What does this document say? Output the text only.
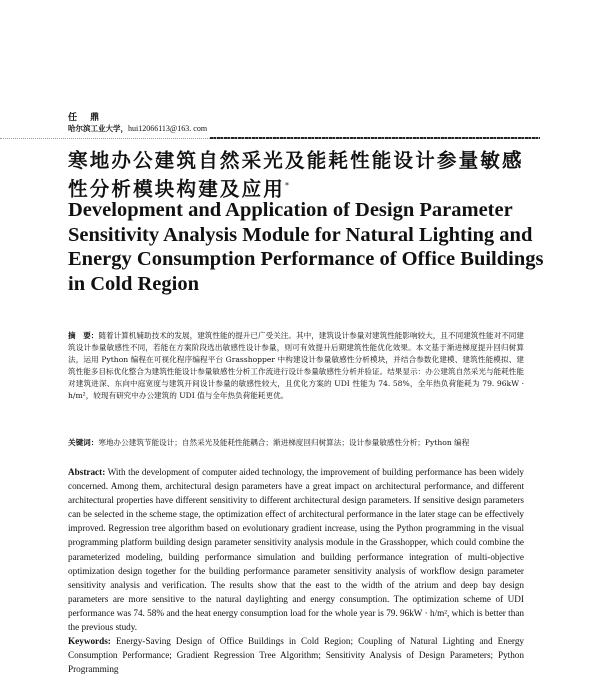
任 鼎
哈尔滨工业大学，hui12066113@163. com
寒地办公建筑自然采光及能耗性能设计参量敏感性分析模块构建及应用*
Development and Application of Design Parameter Sensitivity Analysis Module for Natural Lighting and Energy Consumption Performance of Office Buildings in Cold Region
摘　要：随着计算机辅助技术的发展，建筑性能的提升已广受关注。其中，建筑设计参量对建筑性能影响较大，且不同建筑性能对不同建筑设计参量敏感性不同，若能在方案阶段选出敏感性设计参量，则可有效提升后期建筑性能优化效果。本文基于渐进梯度提升回归树算法，运用 Python 编程在可视化程序编程平台 Grasshopper 中构建设计参量敏感性分析模块，并结合参数化建模、建筑性能模拟、建筑性能多目标优化整合为建筑性能设计参量敏感性分析工作流进行设计参量敏感性分析并验证。结果显示：办公建筑自然采光与能耗性能对建筑进深、东向中庭宽度与建筑开间设计参量的敏感性较大，且优化方案的 UDI 性能为 74. 58%，全年热负荷能耗为 79. 96kW · h/m²，较现有研究中办公建筑的 UDI 值与全年热负荷能耗更优。
关键词：寒地办公建筑节能设计；自然采光及能耗性能耦合；渐进梯度回归树算法；设计参量敏感性分析；Python 编程
Abstract: With the development of computer aided technology, the improvement of building performance has been widely concerned. Among them, architectural design parameters have a great impact on architectural performance, and different architectural properties have different sensitivity to different architectural design parameters. If sensitive design parameters can be selected in the scheme stage, the optimization effect of architectural performance in the later stage can be effectively improved. Regression tree algorithm based on evolutionary gradient increase, using the Python programming in the visual programming platform building design parameter sensitivity analysis module in the Grasshopper, which could combine the parameterized modeling, building performance simulation and building performance integration of multi-objective optimization design together for the building performance parameter sensitivity analysis of workflow design parameter sensitivity analysis and verification. The results show that the east to the width of the atrium and deep bay design parameters are more sensitive to the natural daylighting and energy consumption. The optimization scheme of UDI performance was 74. 58% and the heat energy consumption load for the whole year is 79. 96kW · h/m², which is better than the previous study.
Keywords: Energy-Saving Design of Office Buildings in Cold Region; Coupling of Natural Lighting and Energy Consumption Performance; Gradient Regression Tree Algorithm; Sensitivity Analysis of Design Parameters; Python Programming
